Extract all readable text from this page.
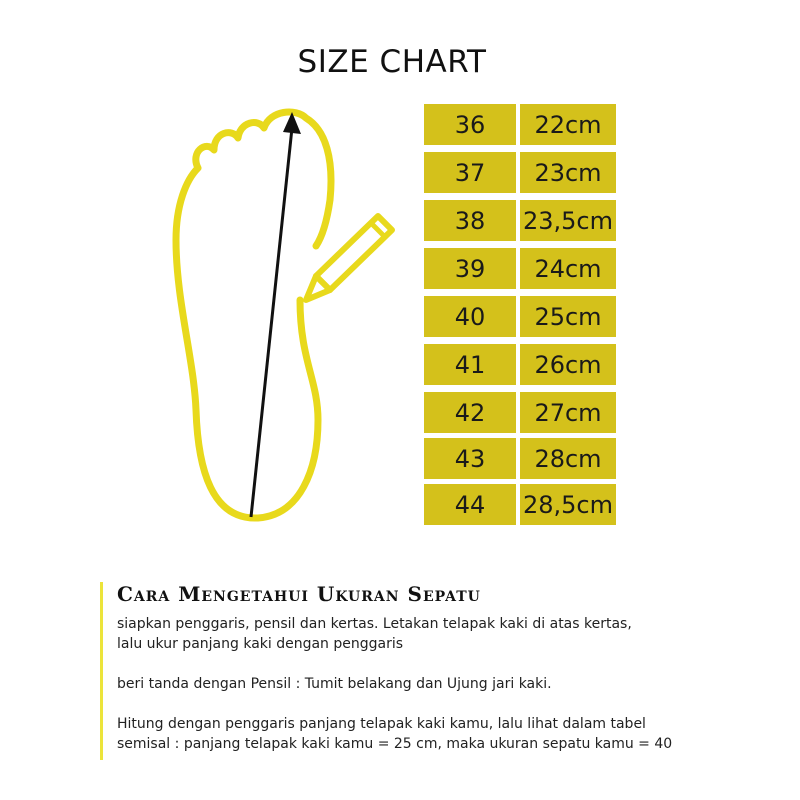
SIZE CHART
36	22cm
37	23cm
38	23,5cm
39	24cm
40	25cm
41	26cm
42	27cm
43	28cm
44	28,5cm
Cara Mengetahui Ukuran Sepatu

siapkan penggaris, pensil dan kertas. Letakan telapak kaki di atas kertas,

lalu ukur panjang kaki dengan penggaris

beri tanda dengan Pensil : Tumit belakang dan Ujung jari kaki.

Hitung dengan penggaris panjang telapak kaki kamu, lalu lihat dalam tabel

semisal : panjang telapak kaki kamu = 25 cm, maka ukuran sepatu kamu = 40
